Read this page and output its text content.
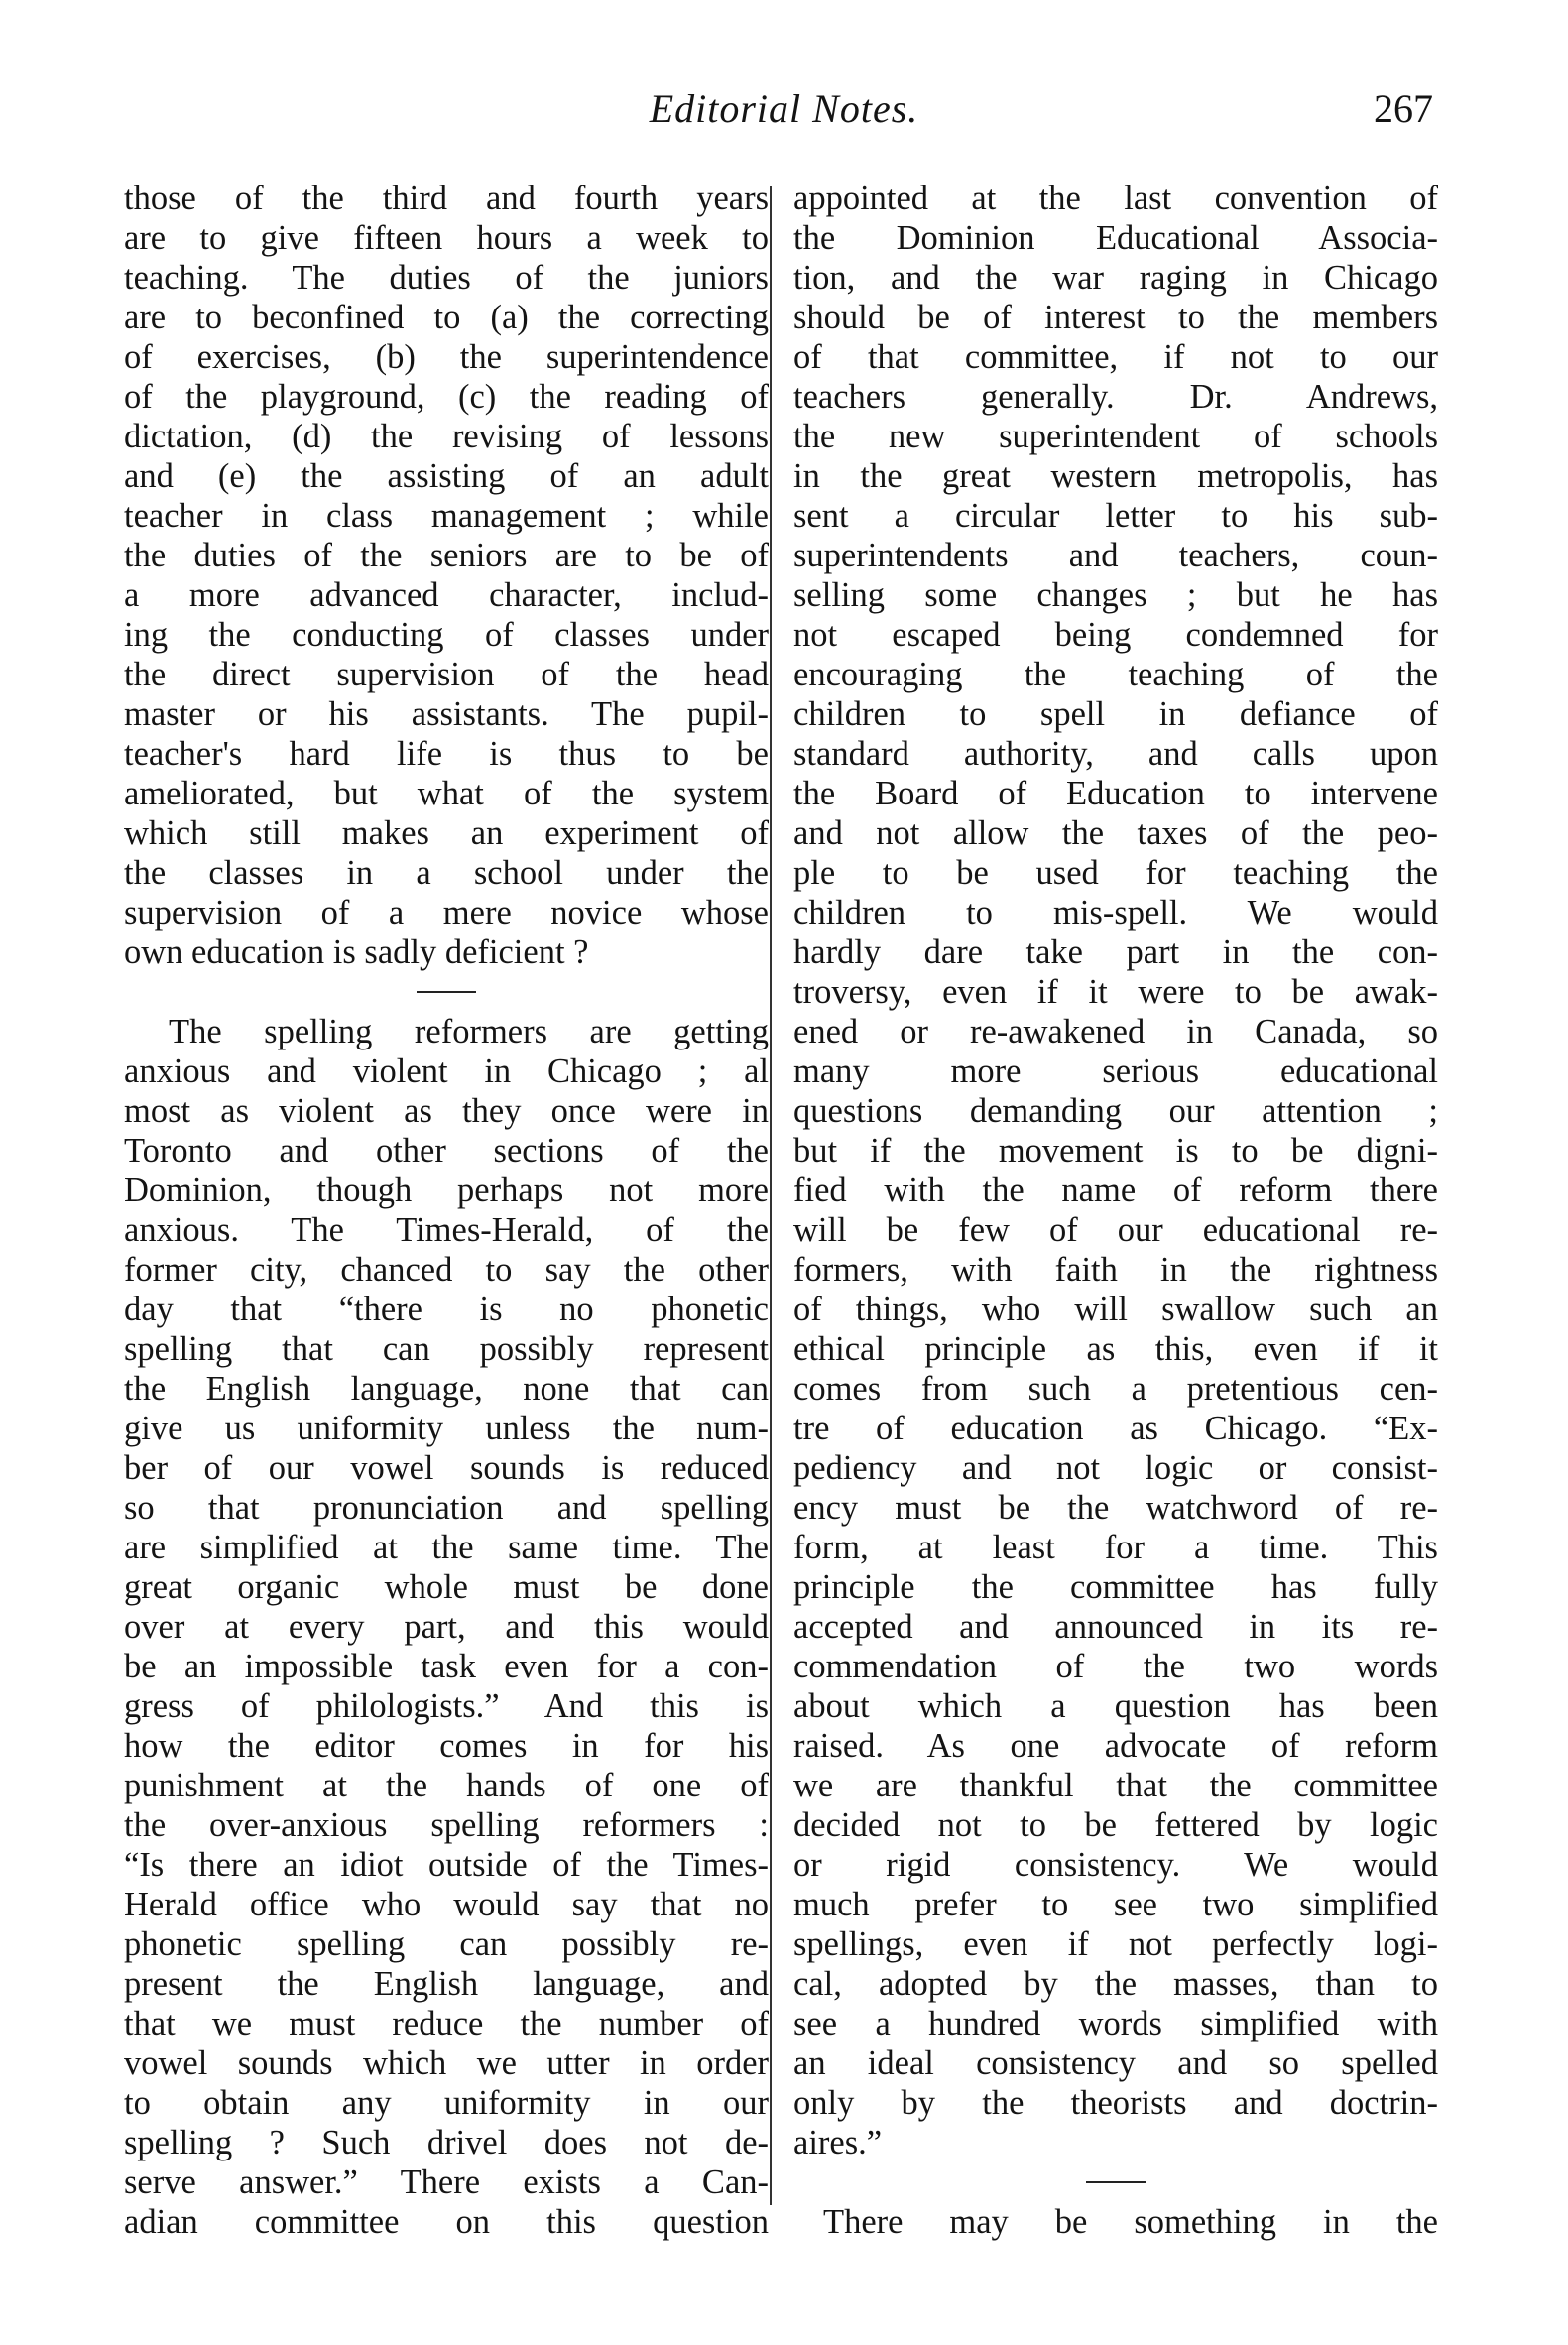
Editorial Notes.	267
those of the third and fourth years
are to give fifteen hours a week to
teaching. The duties of the juniors
are to beconfined to (a) the correcting
of exercises, (b) the superintendence
of the playground, (c) the reading of
dictation, (d) the revising of lessons
and (e) the assisting of an adult
teacher in class management ; while
the duties of the seniors are to be of
a more advanced character, includ-
ing the conducting of classes under
the direct supervision of the head
master or his assistants. The pupil-
teacher's hard life is thus to be
ameliorated, but what of the system
which still makes an experiment of
the classes in a school under the
supervision of a mere novice whose
own education is sadly deficient ?
The spelling reformers are getting
anxious and violent in Chicago ; al
most as violent as they once were in
Toronto and other sections of the
Dominion, though perhaps not more
anxious. The Times-Herald, of the
former city, chanced to say the other
day that “there is no phonetic
spelling that can possibly represent
the English language, none that can
give us uniformity unless the num-
ber of our vowel sounds is reduced
so that pronunciation and spelling
are simplified at the same time. The
great organic whole must be done
over at every part, and this would
be an impossible task even for a con-
gress of philologists.” And this is
how the editor comes in for his
punishment at the hands of one of
the over-anxious spelling reformers :
“Is there an idiot outside of the Times-
Herald office who would say that no
phonetic spelling can possibly re-
present the English language, and
that we must reduce the number of
vowel sounds which we utter in order
to obtain any uniformity in our
spelling ? Such drivel does not de-
serve answer.” There exists a Can-
adian committee on this question
appointed at the last convention of
the Dominion Educational Associa-
tion, and the war raging in Chicago
should be of interest to the members
of that committee, if not to our
teachers generally. Dr. Andrews,
the new superintendent of schools
in the great western metropolis, has
sent a circular letter to his sub-
superintendents and teachers, coun-
selling some changes ; but he has
not escaped being condemned for
encouraging the teaching of the
children to spell in defiance of
standard authority, and calls upon
the Board of Education to intervene
and not allow the taxes of the peo-
ple to be used for teaching the
children to mis-spell. We would
hardly dare take part in the con-
troversy, even if it were to be awak-
ened or re-awakened in Canada, so
many more serious educational
questions demanding our attention ;
but if the movement is to be digni-
fied with the name of reform there
will be few of our educational re-
formers, with faith in the rightness
of things, who will swallow such an
ethical principle as this, even if it
comes from such a pretentious cen-
tre of education as Chicago. “Ex-
pediency and not logic or consist-
ency must be the watchword of re-
form, at least for a time. This
principle the committee has fully
accepted and announced in its re-
commendation of the two words
about which a question has been
raised. As one advocate of reform
we are thankful that the committee
decided not to be fettered by logic
or rigid consistency. We would
much prefer to see two simplified
spellings, even if not perfectly logi-
cal, adopted by the masses, than to
see a hundred words simplified with
an ideal consistency and so spelled
only by the theorists and doctrin-
aires.”
There may be something in the
